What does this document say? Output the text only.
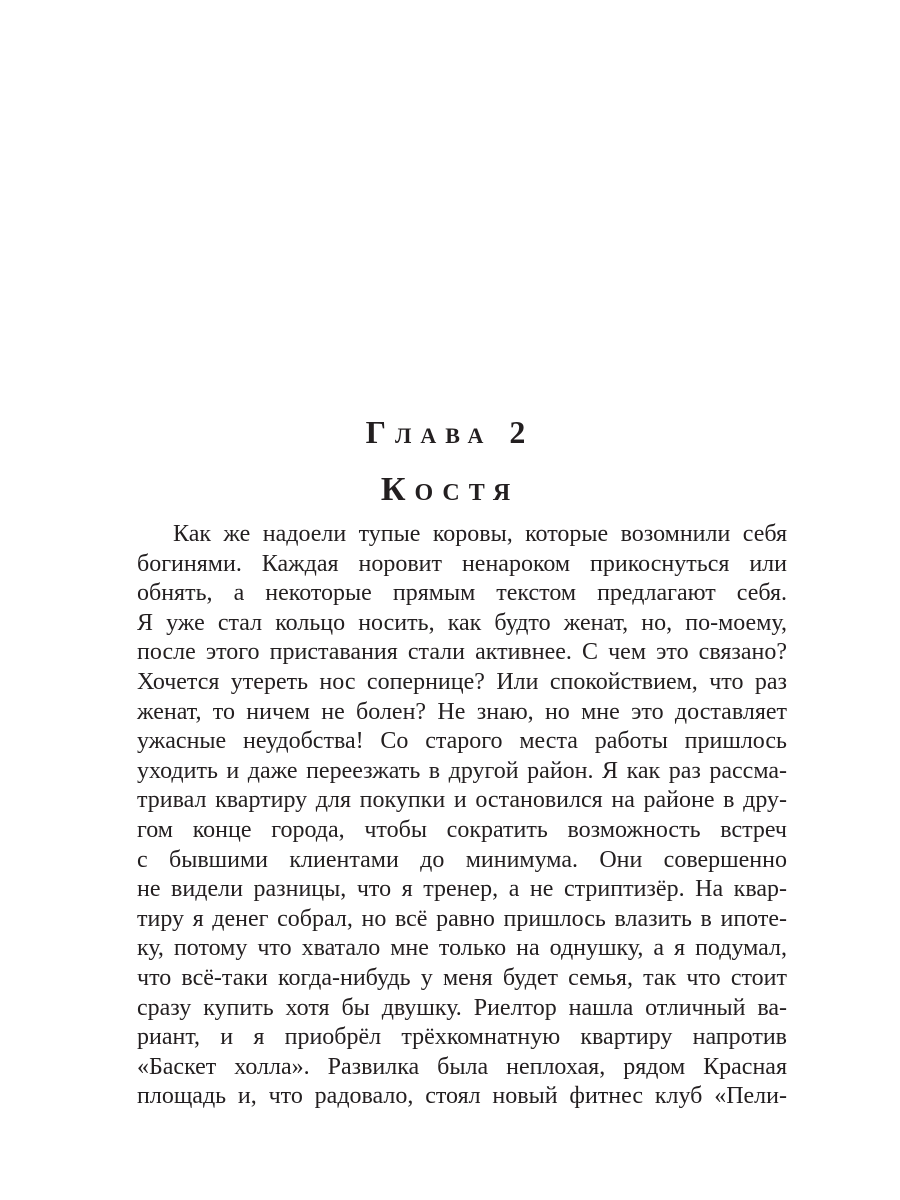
Глава 2
Костя
Как же надоели тупые коровы, которые возомнили себя
богинями. Каждая норовит ненароком прикоснуться или
обнять, а некоторые прямым текстом предлагают себя.
Я уже стал кольцо носить, как будто женат, но, по-моему,
после этого приставания стали активнее. С чем это связано?
Хочется утереть нос сопернице? Или спокойствием, что раз
женат, то ничем не болен? Не знаю, но мне это доставляет
ужасные неудобства! Со старого места работы пришлось
уходить и даже переезжать в другой район. Я как раз рассма-
тривал квартиру для покупки и остановился на районе в дру-
гом конце города, чтобы сократить возможность встреч
с бывшими клиентами до минимума. Они совершенно
не видели разницы, что я тренер, а не стриптизёр. На квар-
тиру я денег собрал, но всё равно пришлось влазить в ипоте-
ку, потому что хватало мне только на однушку, а я подумал,
что всё-таки когда-нибудь у меня будет семья, так что стоит
сразу купить хотя бы двушку. Риелтор нашла отличный ва-
риант, и я приобрёл трёхкомнатную квартиру напротив
«Баскет холла». Развилка была неплохая, рядом Красная
площадь и, что радовало, стоял новый фитнес клуб «Пели-
